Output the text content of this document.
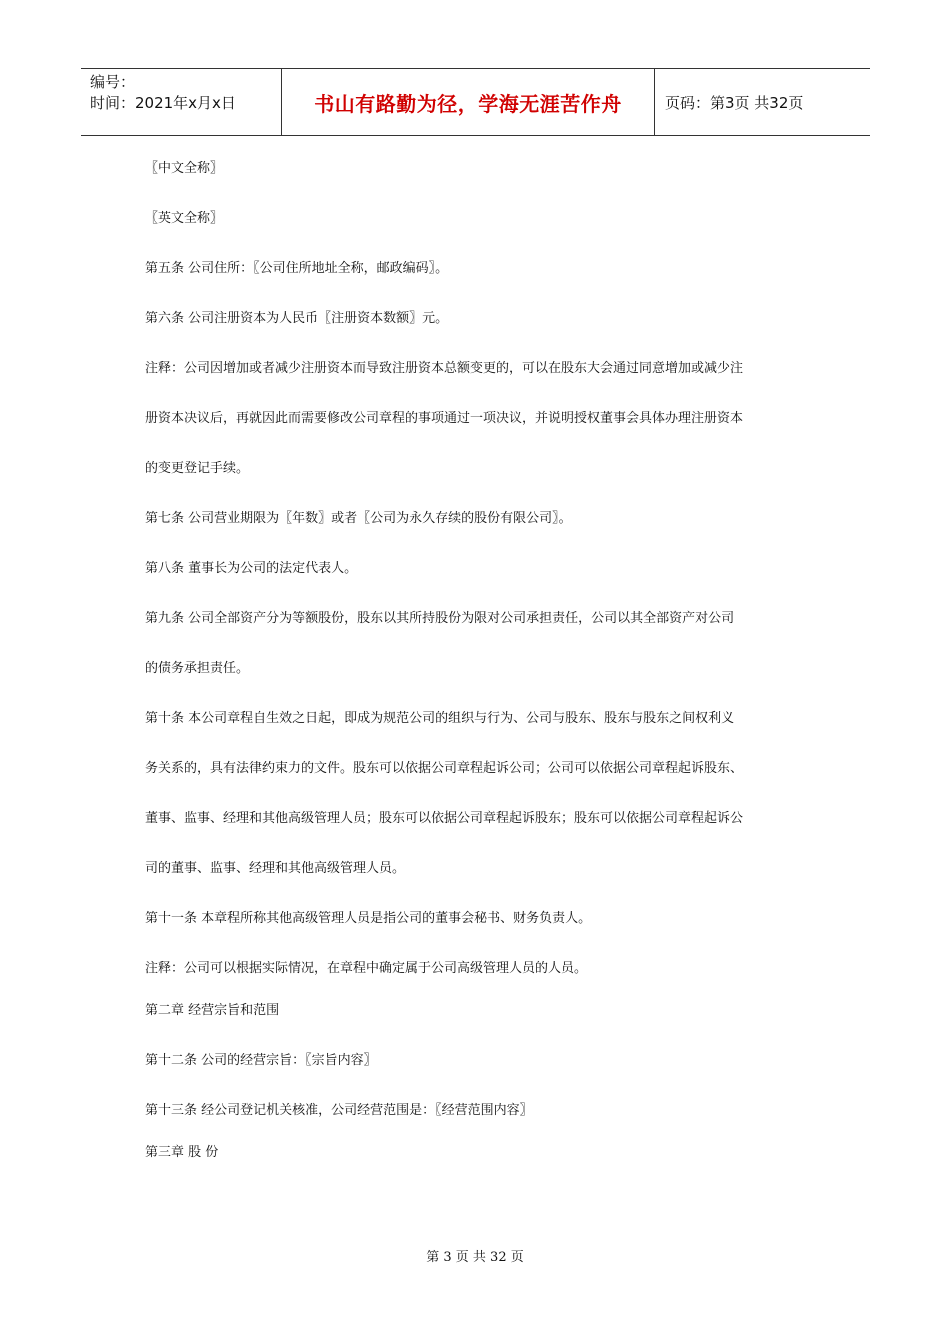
编号：
时间：2021年x月x日	书山有路勤为径，学海无涯苦作舟	页码：第3页 共32页

〖中文全称〗

〖英文全称〗

第五条 公司住所：〖公司住所地址全称，邮政编码〗。

第六条 公司注册资本为人民币〖注册资本数额〗元。

注释：公司因增加或者减少注册资本而导致注册资本总额变更的，可以在股东大会通过同意增加或减少注

册资本决议后，再就因此而需要修改公司章程的事项通过一项决议，并说明授权董事会具体办理注册资本

的变更登记手续。

第七条 公司营业期限为〖年数〗或者〖公司为永久存续的股份有限公司〗。

第八条 董事长为公司的法定代表人。

第九条 公司全部资产分为等额股份，股东以其所持股份为限对公司承担责任，公司以其全部资产对公司

的债务承担责任。

第十条 本公司章程自生效之日起，即成为规范公司的组织与行为、公司与股东、股东与股东之间权利义

务关系的，具有法律约束力的文件。股东可以依据公司章程起诉公司；公司可以依据公司章程起诉股东、

董事、监事、经理和其他高级管理人员；股东可以依据公司章程起诉股东；股东可以依据公司章程起诉公

司的董事、监事、经理和其他高级管理人员。

第十一条 本章程所称其他高级管理人员是指公司的董事会秘书、财务负责人。

注释：公司可以根据实际情况，在章程中确定属于公司高级管理人员的人员。

第二章 经营宗旨和范围

第十二条 公司的经营宗旨：〖宗旨内容〗

第十三条 经公司登记机关核准，公司经营范围是：〖经营范围内容〗

第三章 股 份

第 3 页 共 32 页
